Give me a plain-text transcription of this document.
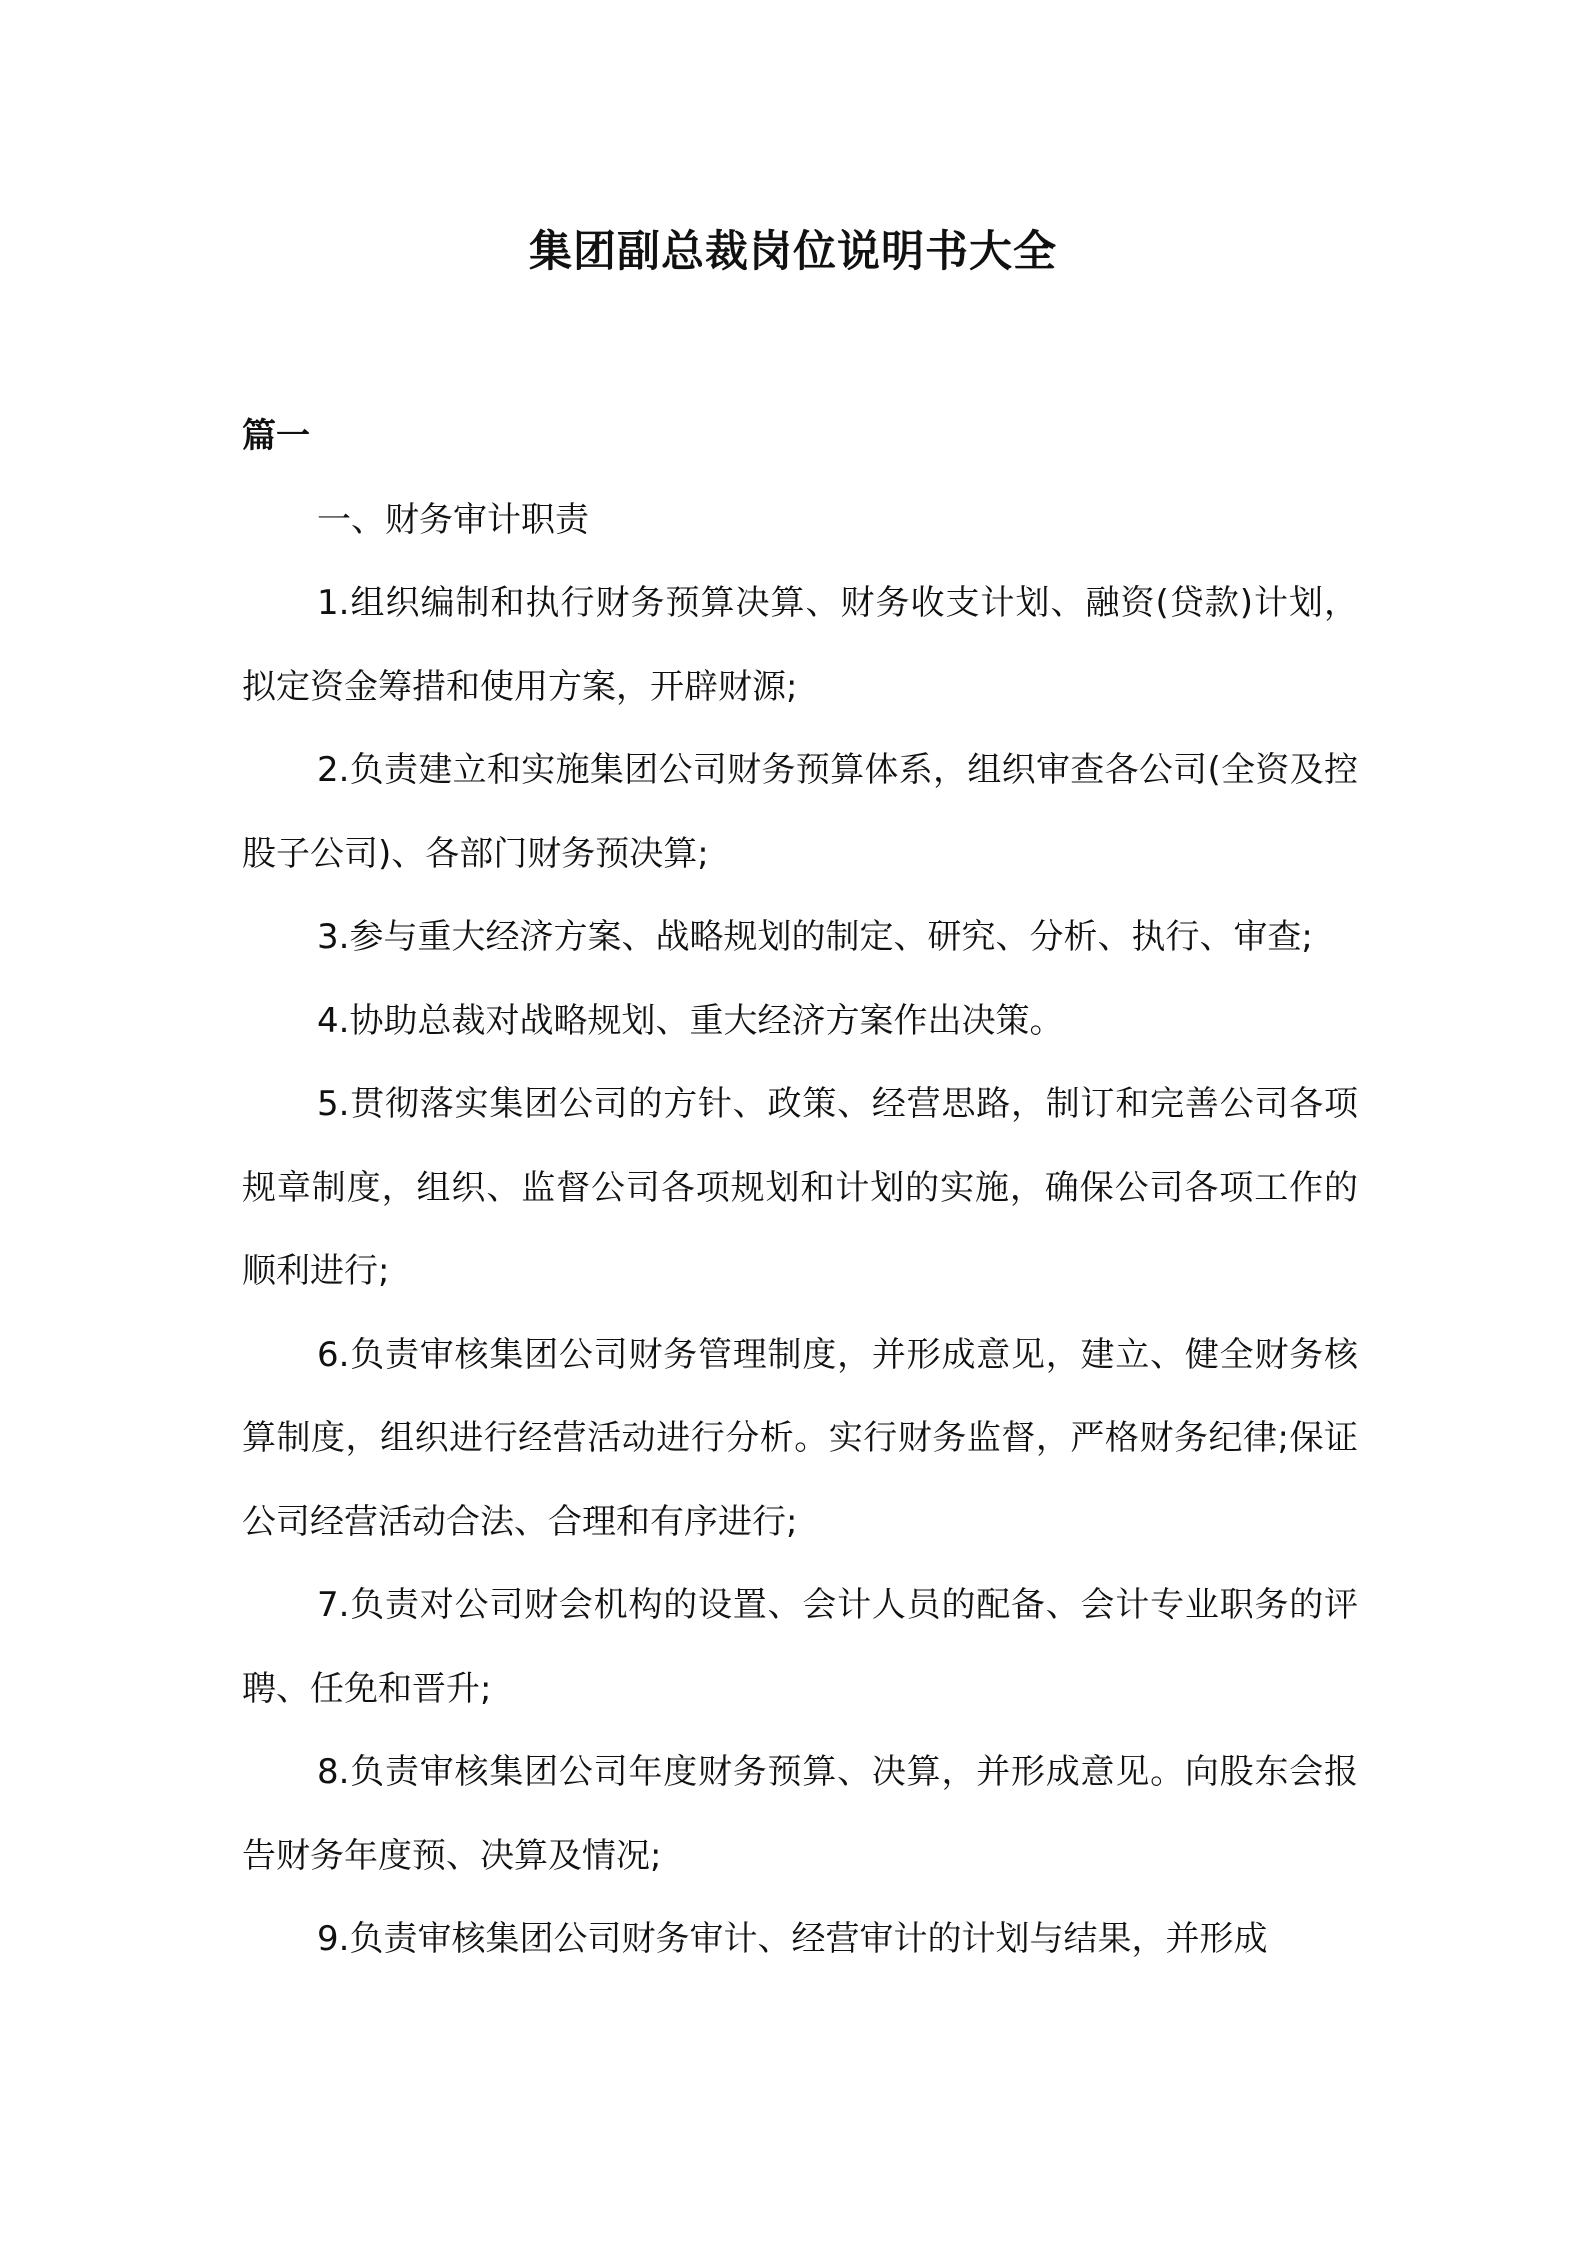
集团副总裁岗位说明书大全

篇一

一、财务审计职责

1.组织编制和执行财务预算决算、财务收支计划、融资(贷款)计划，拟定资金筹措和使用方案，开辟财源;

2.负责建立和实施集团公司财务预算体系，组织审查各公司(全资及控股子公司)、各部门财务预决算;

3.参与重大经济方案、战略规划的制定、研究、分析、执行、审查;

4.协助总裁对战略规划、重大经济方案作出决策。

5.贯彻落实集团公司的方针、政策、经营思路，制订和完善公司各项规章制度，组织、监督公司各项规划和计划的实施，确保公司各项工作的顺利进行;

6.负责审核集团公司财务管理制度，并形成意见，建立、健全财务核算制度，组织进行经营活动进行分析。实行财务监督，严格财务纪律;保证公司经营活动合法、合理和有序进行;

7.负责对公司财会机构的设置、会计人员的配备、会计专业职务的评聘、任免和晋升;

8.负责审核集团公司年度财务预算、决算，并形成意见。向股东会报告财务年度预、决算及情况;

9.负责审核集团公司财务审计、经营审计的计划与结果，并形成
